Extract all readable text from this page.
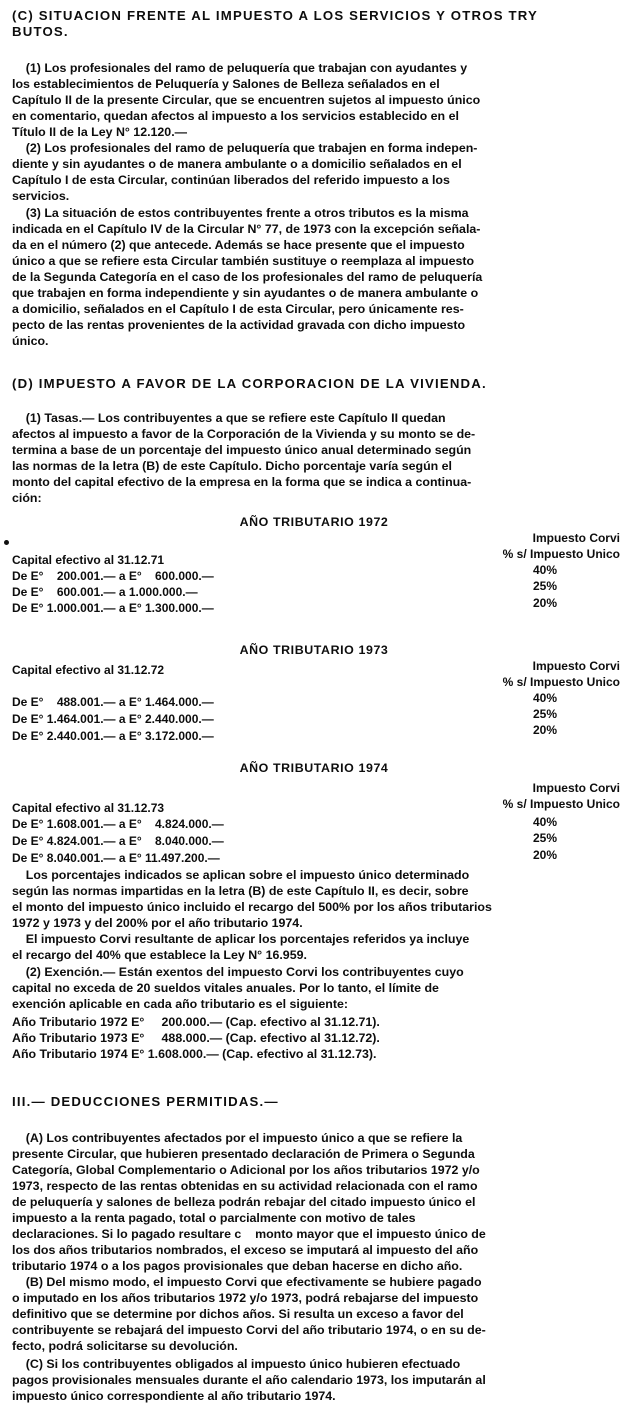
(C) SITUACION FRENTE AL IMPUESTO A LOS SERVICIOS Y OTROS TRY

BUTOS.

(1) Los profesionales del ramo de peluquería que trabajan con ayudantes y

los establecimientos de Peluquería y Salones de Belleza señalados en el

Capítulo II de la presente Circular, que se encuentren sujetos al impuesto único

en comentario, quedan afectos al impuesto a los servicios establecido en el

Título II de la Ley N° 12.120.—

(2) Los profesionales del ramo de peluquería que trabajen en forma indepen-

diente y sin ayudantes o de manera ambulante o a domicilio señalados en el

Capítulo I de esta Circular, continúan liberados del referido impuesto a los

servicios.

(3) La situación de estos contribuyentes frente a otros tributos es la misma

indicada en el Capítulo IV de la Circular N° 77, de 1973 con la excepción señala-

da en el número (2) que antecede. Además se hace presente que el impuesto

único a que se refiere esta Circular también sustituye o reemplaza al impuesto

de la Segunda Categoría en el caso de los profesionales del ramo de peluquería

que trabajen en forma independiente y sin ayudantes o de manera ambulante o

a domicilio, señalados en el Capítulo I de esta Circular, pero únicamente res-

pecto de las rentas provenientes de la actividad gravada con dicho impuesto

único.

(D) IMPUESTO A FAVOR DE LA CORPORACION DE LA VIVIENDA.

(1) Tasas.— Los contribuyentes a que se refiere este Capítulo II quedan

afectos al impuesto a favor de la Corporación de la Vivienda y su monto se de-

termina a base de un porcentaje del impuesto único anual determinado según

las normas de la letra (B) de este Capítulo. Dicho porcentaje varía según el

monto del capital efectivo de la empresa en la forma que se indica a continua-

ción:

AÑO TRIBUTARIO 1972

Impuesto Corvi

% s/ Impuesto Unico

Capital efectivo al 31.12.71

De E°    200.001.— a E°    600.000.—	40%

De E°    600.001.— a 1.000.000.—	25%

De E° 1.000.001.— a E° 1.300.000.—	20%

AÑO TRIBUTARIO 1973

Impuesto Corvi

% s/ Impuesto Unico

Capital efectivo al 31.12.72

De E°    488.001.— a E° 1.464.000.—	40%

De E° 1.464.001.— a E° 2.440.000.—	25%

De E° 2.440.001.— a E° 3.172.000.—	20%

AÑO TRIBUTARIO 1974

Impuesto Corvi

% s/ Impuesto Unico

Capital efectivo al 31.12.73

De E° 1.608.001.— a E°    4.824.000.—	40%

De E° 4.824.001.— a E°    8.040.000.—	25%

De E° 8.040.001.— a E° 11.497.200.—	20%

Los porcentajes indicados se aplican sobre el impuesto único determinado

según las normas impartidas en la letra (B) de este Capítulo II, es decir, sobre

el monto del impuesto único incluido el recargo del 500% por los años tributarios

1972 y 1973 y del 200% por el año tributario 1974.

El impuesto Corvi resultante de aplicar los porcentajes referidos ya incluye

el recargo del 40% que establece la Ley N° 16.959.

(2) Exención.— Están exentos del impuesto Corvi los contribuyentes cuyo

capital no exceda de 20 sueldos vitales anuales. Por lo tanto, el límite de

exención aplicable en cada año tributario es el siguiente:

Año Tributario 1972 E°     200.000.— (Cap. efectivo al 31.12.71).

Año Tributario 1973 E°     488.000.— (Cap. efectivo al 31.12.72).

Año Tributario 1974 E° 1.608.000.— (Cap. efectivo al 31.12.73).

III.— DEDUCCIONES PERMITIDAS.—

(A) Los contribuyentes afectados por el impuesto único a que se refiere la

presente Circular, que hubieren presentado declaración de Primera o Segunda

Categoría, Global Complementario o Adicional por los años tributarios 1972 y/o

1973, respecto de las rentas obtenidas en su actividad relacionada con el ramo

de peluquería y salones de belleza podrán rebajar del citado impuesto único el

impuesto a la renta pagado, total o parcialmente con motivo de tales

declaraciones. Si lo pagado resultare c    monto mayor que el impuesto único de

los dos años tributarios nombrados, el exceso se imputará al impuesto del año

tributario 1974 o a los pagos provisionales que deban hacerse en dicho año.

(B) Del mismo modo, el impuesto Corvi que efectivamente se hubiere pagado

o imputado en los años tributarios 1972 y/o 1973, podrá rebajarse del impuesto

definitivo que se determine por dichos años. Si resulta un exceso a favor del

contribuyente se rebajará del impuesto Corvi del año tributario 1974, o en su de-

fecto, podrá solicitarse su devolución.

(C) Si los contribuyentes obligados al impuesto único hubieren efectuado

pagos provisionales mensuales durante el año calendario 1973, los imputarán al

impuesto único correspondiente al año tributario 1974.
